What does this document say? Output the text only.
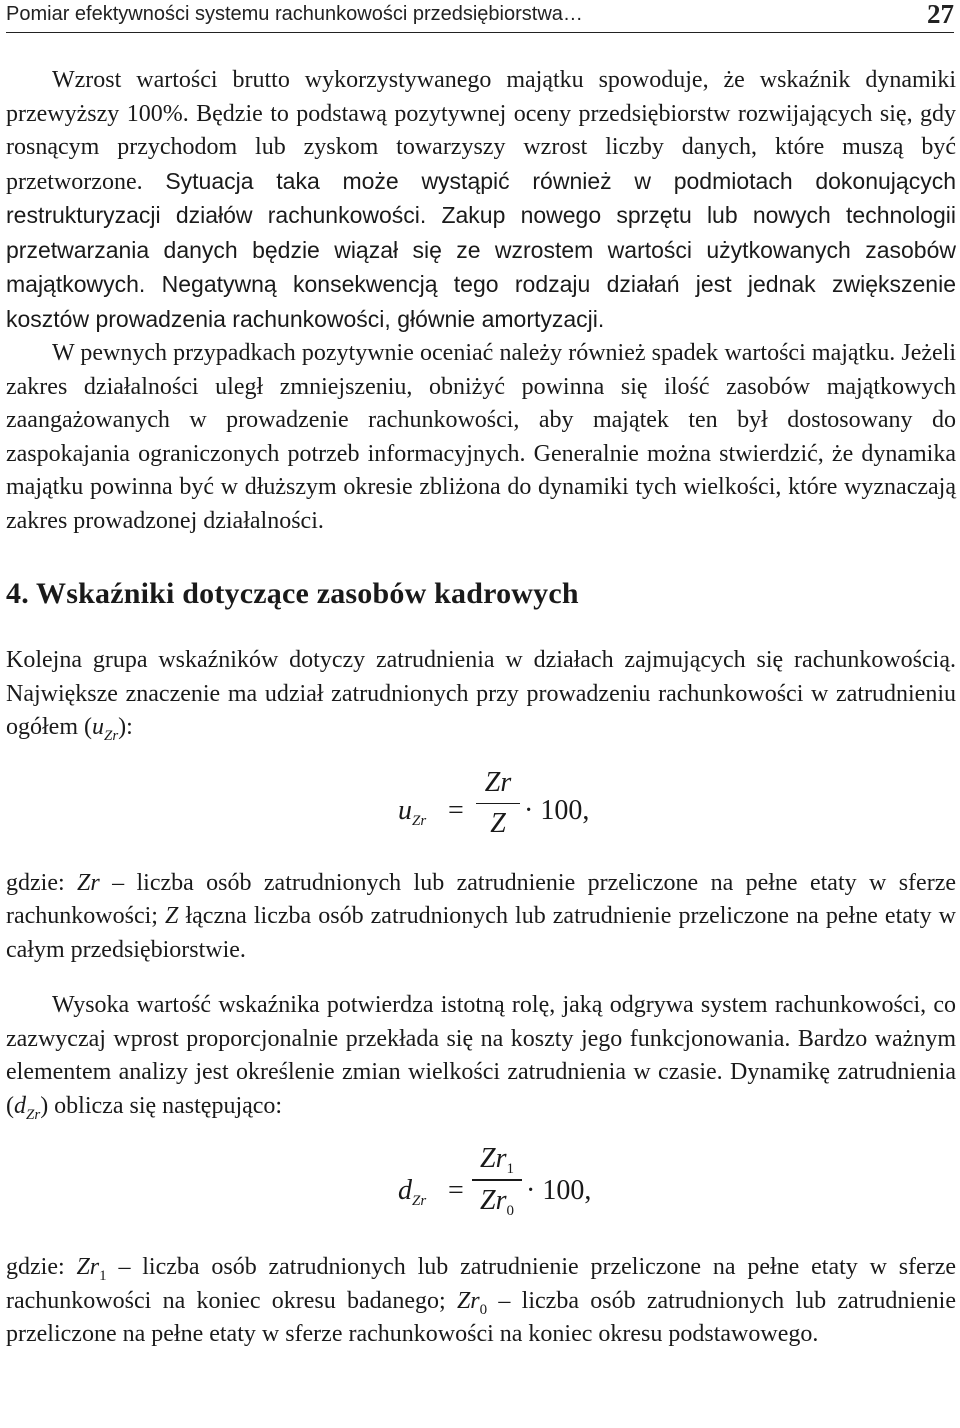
Pomiar efektywności systemu rachunkowości przedsiębiorstwa…	27

Wzrost wartości brutto wykorzystywanego majątku spowoduje, że wskaźnik dynamiki przewyższy 100%. Będzie to podstawą pozytywnej oceny przedsiębiorstw rozwijających się, gdy rosnącym przychodom lub zyskom towarzyszy wzrost liczby danych, które muszą być przetworzone. Sytuacja taka może wystąpić również w podmiotach dokonujących restrukturyzacji działów rachunkowości. Zakup nowego sprzętu lub nowych technologii przetwarzania danych będzie wiązał się ze wzrostem wartości użytkowanych zasobów majątkowych. Negatywną konsekwencją tego rodzaju działań jest jednak zwiększenie kosztów prowadzenia rachunkowości, głównie amortyzacji.

W pewnych przypadkach pozytywnie oceniać należy również spadek wartości majątku. Jeżeli zakres działalności uległ zmniejszeniu, obniżyć powinna się ilość zasobów majątkowych zaangażowanych w prowadzenie rachunkowości, aby majątek ten był dostosowany do zaspokajania ograniczonych potrzeb informacyjnych. Generalnie można stwierdzić, że dynamika majątku powinna być w dłuższym okresie zbliżona do dynamiki tych wielkości, które wyznaczają zakres prowadzonej działalności.

4. Wskaźniki dotyczące zasobów kadrowych

Kolejna grupa wskaźników dotyczy zatrudnienia w działach zajmujących się rachunkowością. Największe znaczenie ma udział zatrudnionych przy prowadzeniu rachunkowości w zatrudnieniu ogółem $(u_{Zr})$:

$u_{Zr}$ =
Zr
Z · 100,

gdzie: Zr – liczba osób zatrudnionych lub zatrudnienie przeliczone na pełne etaty w sferze rachunkowości; Z łączna liczba osób zatrudnionych lub zatrudnienie przeliczone na pełne etaty w całym przedsiębiorstwie.

Wysoka wartość wskaźnika potwierdza istotną rolę, jaką odgrywa system rachunkowości, co zazwyczaj wprost proporcjonalnie przekłada się na koszty jego funkcjonowania. Bardzo ważnym elementem analizy jest określenie zmian wielkości zatrudnienia w czasie. Dynamikę zatrudnienia $(d_{Zr})$ oblicza się następująco:

$d_{Zr}$ =
$Zr_1$
$Zr_0$
· 100,

gdzie: $Zr_1$ – liczba osób zatrudnionych lub zatrudnienie przeliczone na pełne etaty w sferze rachunkowości na koniec okresu badanego; $Zr_0$ – liczba osób zatrudnionych lub zatrudnienie przeliczone na pełne etaty w sferze rachunkowości na koniec okresu podstawowego.
